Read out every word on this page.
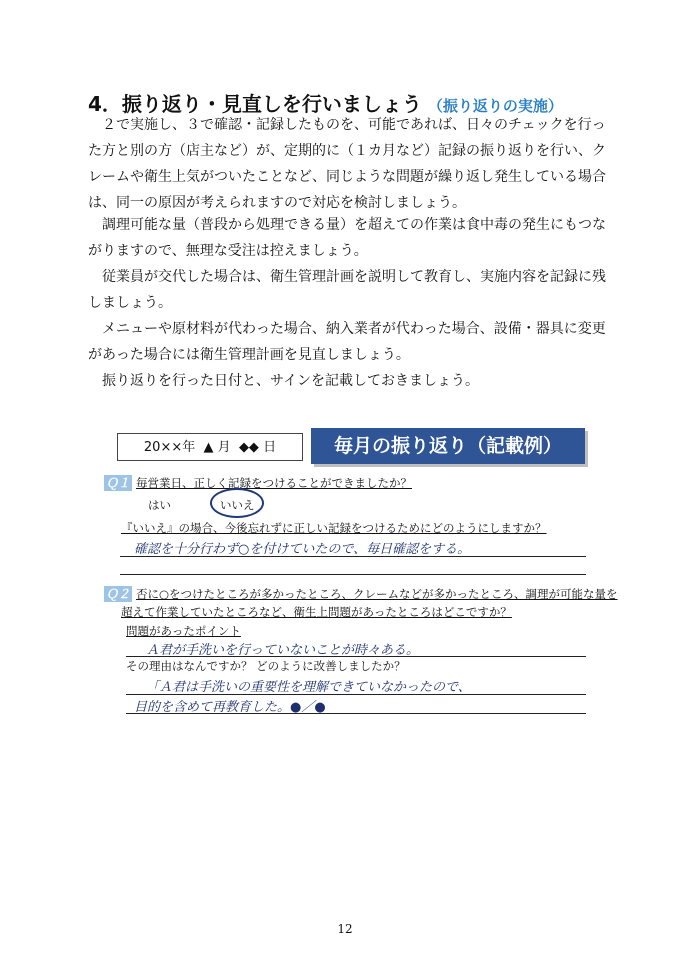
4．振り返り・見直しを行いましょう （振り返りの実施）

２で実施し、３で確認・記録したものを、可能であれば、日々のチェックを行った方と別の方（店主など）が、定期的に（１カ月など）記録の振り返りを行い、クレームや衛生上気がついたことなど、同じような問題が繰り返し発生している場合は、同一の原因が考えられますので対応を検討しましょう。

調理可能な量（普段から処理できる量）を超えての作業は食中毒の発生にもつながりますので、無理な受注は控えましょう。

従業員が交代した場合は、衛生管理計画を説明して教育し、実施内容を記録に残しましょう。

メニューや原材料が代わった場合、納入業者が代わった場合、設備・器具に変更があった場合には衛生管理計画を見直しましょう。

振り返りを行った日付と、サインを記載しておきましょう。

20××年 ▲ 月 ◆◆ 日	毎月の振り返り（記載例）
Ｑ１ 毎営業日、正しく記録をつけることができましたか？
はい	いいえ
『いいえ』の場合、今後忘れずに正しい記録をつけるためにどのようにしますか？
確認を十分行わず○を付けていたので、毎日確認をする。
Ｑ２ 否に○をつけたところが多かったところ、クレームなどが多かったところ、調理が可能な量を
超えて作業していたところなど、衛生上問題があったところはどこですか？
問題があったポイント
Ａ君が手洗いを行っていないことが時々ある。
その理由はなんですか？ どのように改善しましたか？
「Ａ君は手洗いの重要性を理解できていなかったので、
目的を含めて再教育した。●／●
12
